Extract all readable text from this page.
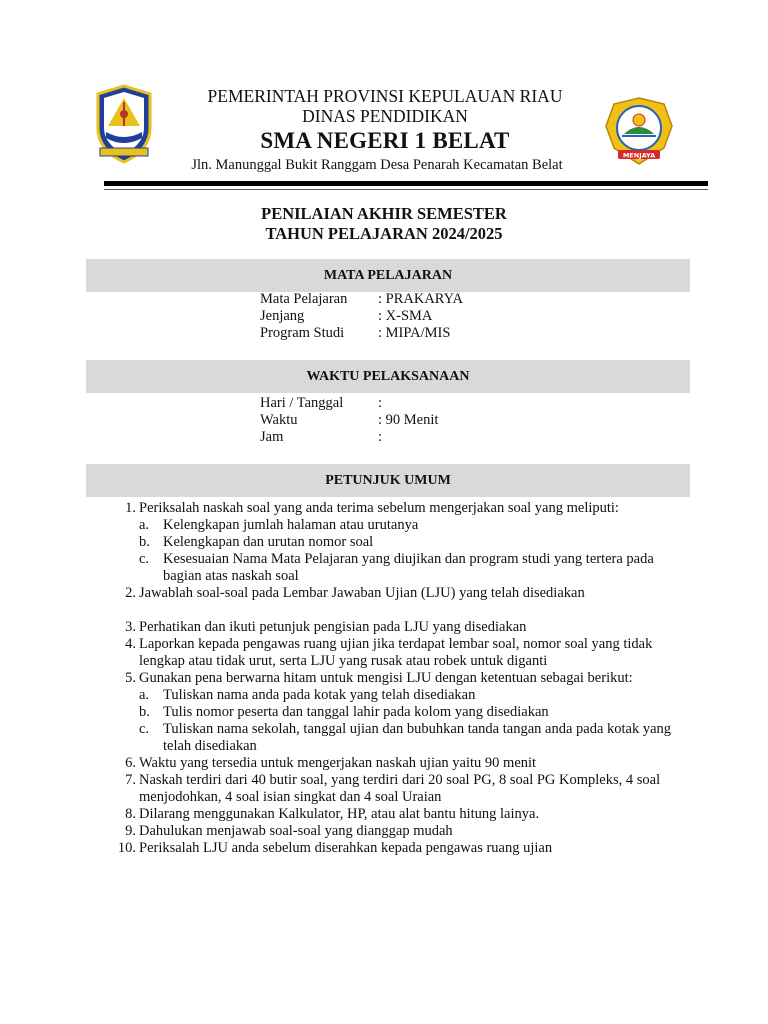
MENJAYA
PEMERINTAH PROVINSI KEPULAUAN RIAU
DINAS PENDIDIKAN
SMA NEGERI 1 BELAT
Jln. Manunggal Bukit Ranggam Desa Penarah Kecamatan Belat
PENILAIAN AKHIR SEMESTER
TAHUN PELAJARAN 2024/2025
MATA PELAJARAN
Mata Pelajaran	: PRAKARYA
Jenjang	: X-SMA
Program Studi	: MIPA/MIS
WAKTU PELAKSANAAN
Hari / Tanggal	:
Waktu	: 90 Menit
Jam	:
PETUNJUK UMUM
1. Periksalah naskah soal yang anda terima sebelum mengerjakan soal yang meliputi:
a. Kelengkapan jumlah halaman atau urutanya
b. Kelengkapan dan urutan nomor soal
c. Kesesuaian Nama Mata Pelajaran yang diujikan dan program studi yang tertera pada bagian atas naskah soal
2. Jawablah soal-soal pada Lembar Jawaban Ujian (LJU) yang telah disediakan
3. Perhatikan dan ikuti petunjuk pengisian pada LJU yang disediakan
4. Laporkan kepada pengawas ruang ujian jika terdapat lembar soal, nomor soal yang tidak lengkap atau tidak urut, serta LJU yang rusak atau robek untuk diganti
5. Gunakan pena berwarna hitam untuk mengisi LJU dengan ketentuan sebagai berikut:
a. Tuliskan nama anda pada kotak yang telah disediakan
b. Tulis nomor peserta dan tanggal lahir pada kolom yang disediakan
c. Tuliskan nama sekolah, tanggal ujian dan bubuhkan tanda tangan anda pada kotak yang telah disediakan
6. Waktu yang tersedia untuk mengerjakan naskah ujian yaitu 90 menit
7. Naskah terdiri dari 40 butir soal, yang terdiri dari 20 soal PG, 8 soal PG Kompleks, 4 soal menjodohkan, 4 soal isian singkat dan 4 soal Uraian
8. Dilarang menggunakan Kalkulator, HP, atau alat bantu hitung lainya.
9. Dahulukan menjawab soal-soal yang dianggap mudah
10. Periksalah LJU anda sebelum diserahkan kepada pengawas ruang ujian
